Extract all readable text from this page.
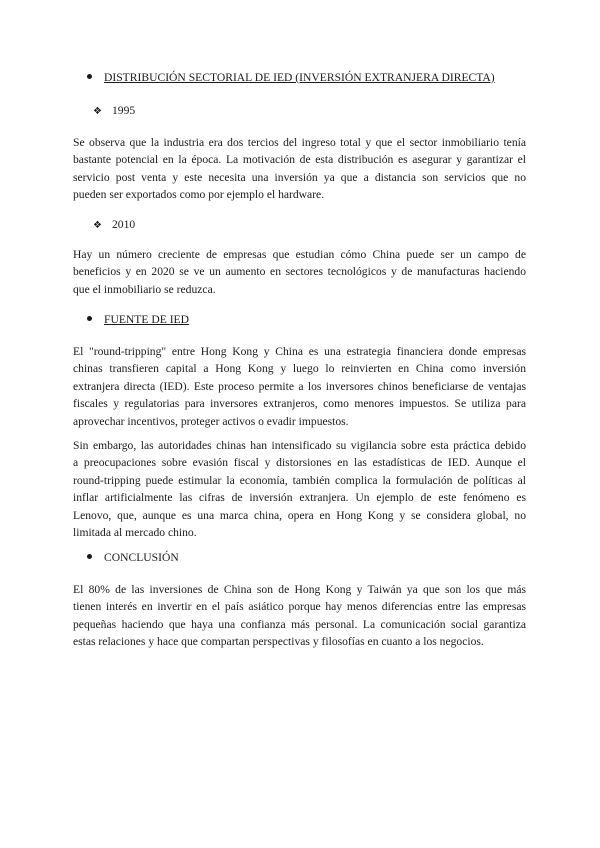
DISTRIBUCIÓN SECTORIAL DE IED (INVERSIÓN EXTRANJERA DIRECTA)
❖ 1995
Se observa que la industria era dos tercios del ingreso total y que el sector inmobiliario tenía
bastante potencial en la época. La motivación de esta distribución es asegurar y garantizar el
servicio post venta y este necesita una inversión ya que a distancia son servicios que no
pueden ser exportados como por ejemplo el hardware.
❖ 2010
Hay un número creciente de empresas que estudian cómo China puede ser un campo de
beneficios y en 2020 se ve un aumento en sectores tecnológicos y de manufacturas haciendo
que el inmobiliario se reduzca.
FUENTE DE IED
El "round-tripping" entre Hong Kong y China es una estrategia financiera donde empresas
chinas transfieren capital a Hong Kong y luego lo reinvierten en China como inversión
extranjera directa (IED). Este proceso permite a los inversores chinos beneficiarse de ventajas
fiscales y regulatorias para inversores extranjeros, como menores impuestos. Se utiliza para
aprovechar incentivos, proteger activos o evadir impuestos.
Sin embargo, las autoridades chinas han intensificado su vigilancia sobre esta práctica debido
a preocupaciones sobre evasión fiscal y distorsiones en las estadísticas de IED. Aunque el
round-tripping puede estimular la economía, también complica la formulación de políticas al
inflar artificialmente las cifras de inversión extranjera. Un ejemplo de este fenómeno es
Lenovo, que, aunque es una marca china, opera en Hong Kong y se considera global, no
limitada al mercado chino.
CONCLUSIÓN
El 80% de las inversiones de China son de Hong Kong y Taiwán ya que son los que más
tienen interés en invertir en el país asiático porque hay menos diferencias entre las empresas
pequeñas haciendo que haya una confianza más personal. La comunicación social garantiza
estas relaciones y hace que compartan perspectivas y filosofías en cuanto a los negocios.
